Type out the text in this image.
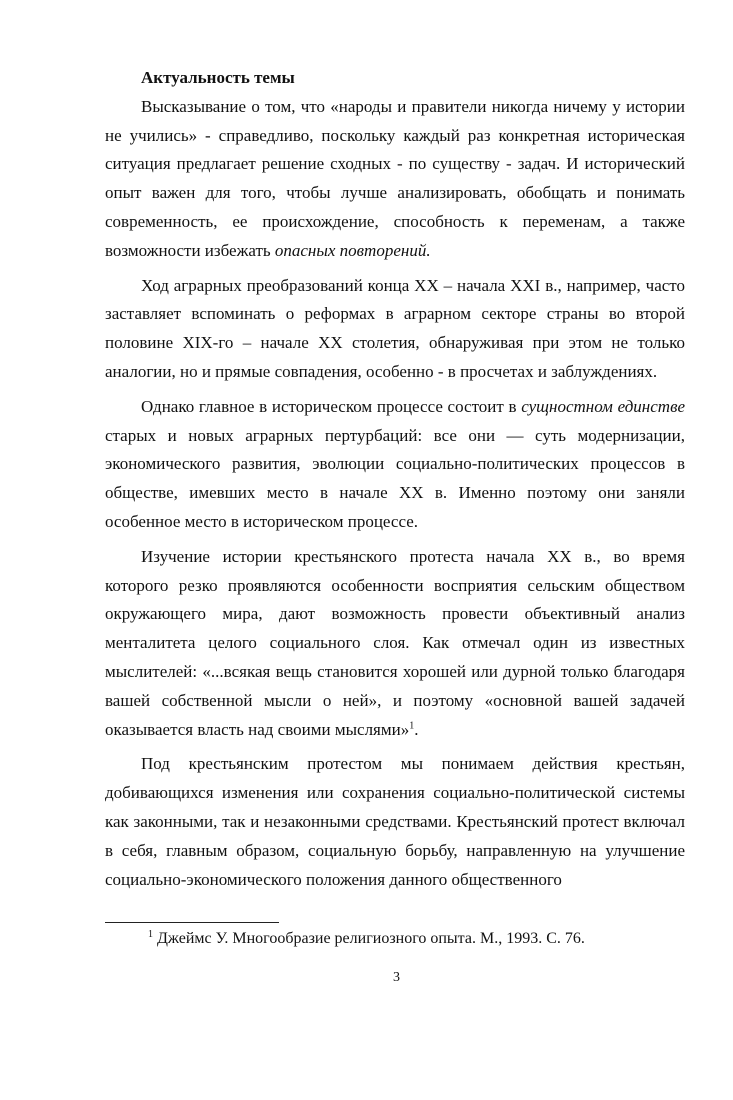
Актуальность темы

Высказывание о том, что «народы и правители никогда ничему у истории не учились» - справедливо, поскольку каждый раз конкретная историческая ситуация предлагает решение сходных - по существу - задач. И исторический опыт важен для того, чтобы лучше анализировать, обобщать и понимать современность, ее происхождение, способность к переменам, а также возможности избежать опасных повторений.

Ход аграрных преобразований конца XX – начала XXI в., например, часто заставляет вспоминать о реформах в аграрном секторе страны во второй половине XIX-го – начале XX столетия, обнаруживая при этом не только аналогии, но и прямые совпадения, особенно - в просчетах и заблуждениях.

Однако главное в историческом процессе состоит в сущностном единстве старых и новых аграрных пертурбаций: все они — суть модернизации, экономического развития, эволюции социально-политических процессов в обществе, имевших место в начале XX в. Именно поэтому они заняли особенное место в историческом процессе.

Изучение истории крестьянского протеста начала XX в., во время которого резко проявляются особенности восприятия сельским обществом окружающего мира, дают возможность провести объективный анализ менталитета целого социального слоя. Как отмечал один из известных мыслителей: «...всякая вещь становится хорошей или дурной только благодаря вашей собственной мысли о ней», и поэтому «основной вашей задачей оказывается власть над своими мыслями»$^1$.

Под крестьянским протестом мы понимаем действия крестьян, добивающихся изменения или сохранения социально-политической системы как законными, так и незаконными средствами. Крестьянский протест включал в себя, главным образом, социальную борьбу, направленную на улучшение социально-экономического положения данного общественного

$^1$ Джеймс У. Многообразие религиозного опыта. М., 1993. С. 76.
3
